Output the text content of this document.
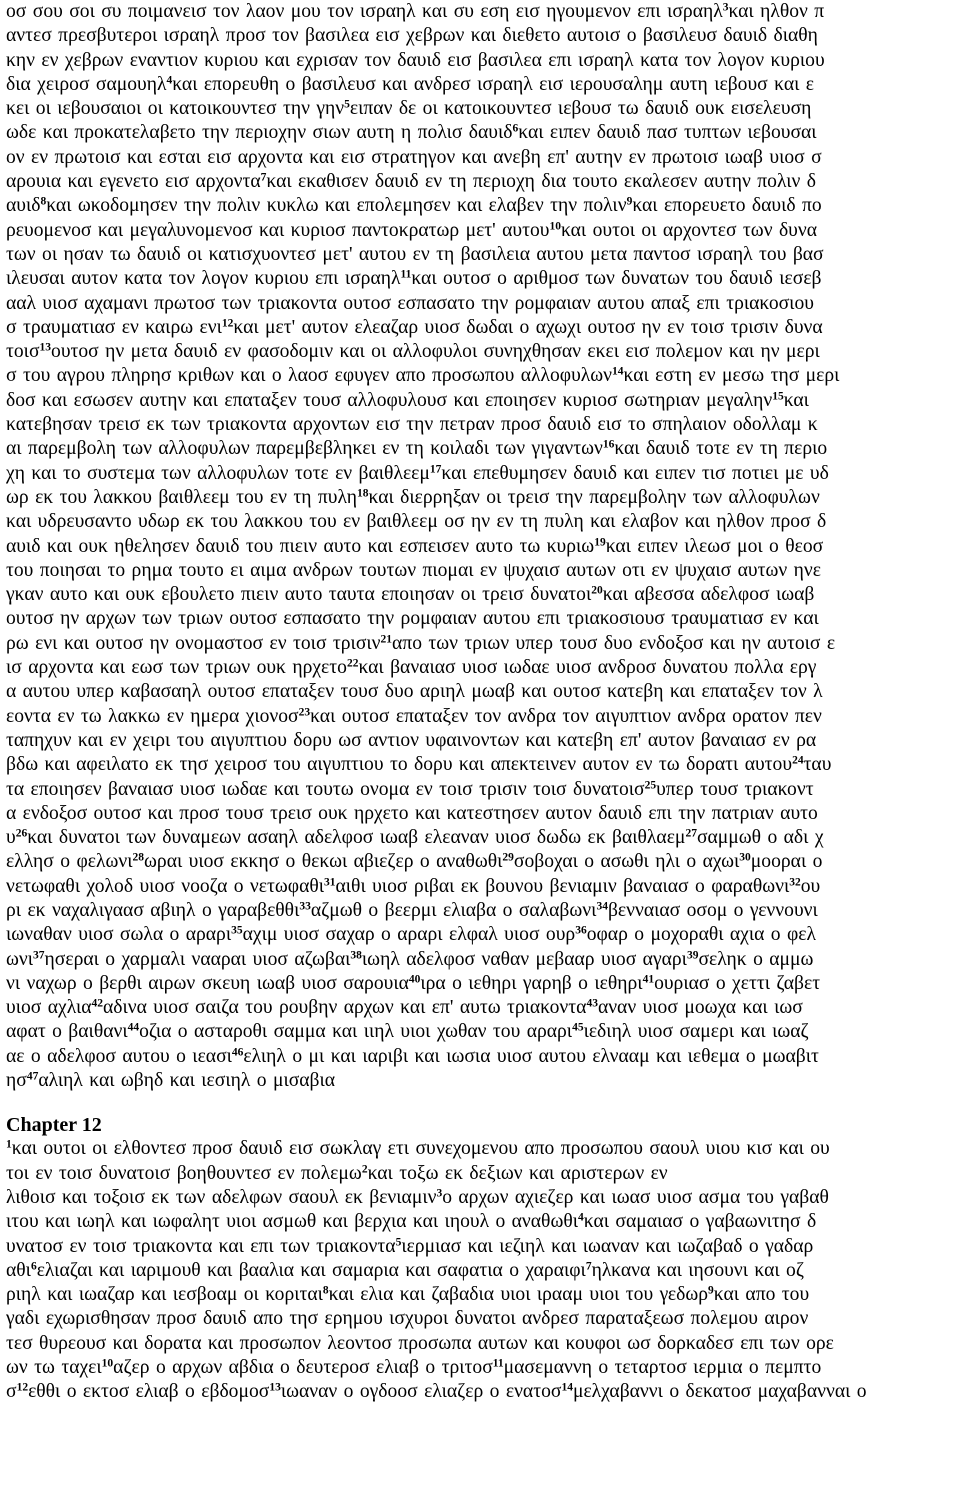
οσ σου σοι συ ποιμανεισ τον λαον μου τον ισραηλ και συ εση εισ ηγουμενον επι ισραηλ$^3$και ηλθον π
αντεσ πρεσβυτεροι ισραηλ προσ τον βασιλεα εισ χεβρων και διεθετο αυτοισ ο βασιλευσ δαυιδ διαθη
κην εν χεβρων εναντιον κυριου και εχρισαν τον δαυιδ εισ βασιλεα επι ισραηλ κατα τον λογον κυριου
δια χειροσ σαμουηλ$^4$και επορευθη ο βασιλευσ και ανδρεσ ισραηλ εισ ιερουσαλημ αυτη ιεβουσ και ε
κει οι ιεβουσαιοι οι κατοικουντεσ την γην$^5$ειπαν δε οι κατοικουντεσ ιεβουσ τω δαυιδ ουκ εισελευση
ωδε και προκατελαβετο την περιοχην σιων αυτη η πολισ δαυιδ$^6$και ειπεν δαυιδ πασ τυπτων ιεβουσαι
ον εν πρωτοισ και εσται εισ αρχοντα και εισ στρατηγον και ανεβη επ' αυτην εν πρωτοισ ιωαβ υιοσ σ
αρουια και εγενετο εισ αρχοντα$^7$και εκαθισεν δαυιδ εν τη περιοχη δια τουτο εκαλεσεν αυτην πολιν δ
αυιδ$^8$και ωκοδομησεν την πολιν κυκλω και επολεμησεν και ελαβεν την πολιν$^9$και επορευετο δαυιδ πο
ρευομενοσ και μεγαλυνομενοσ και κυριοσ παντοκρατωρ μετ' αυτου$^{10}$και ουτοι οι αρχοντεσ των δυνα
των οι ησαν τω δαυιδ οι κατισχυοντεσ μετ' αυτου εν τη βασιλεια αυτου μετα παντοσ ισραηλ του βασ
ιλευσαι αυτον κατα τον λογον κυριου επι ισραηλ$^{11}$και ουτοσ ο αριθμοσ των δυνατων του δαυιδ ιεσεβ
ααλ υιοσ αχαμανι πρωτοσ των τριακοντα ουτοσ εσπασατο την ρομφαιαν αυτου απαξ επι τριακοσιου
σ τραυματιασ εν καιρω ενι$^{12}$και μετ' αυτον ελεαζαρ υιοσ δωδαι ο αχωχι ουτοσ ην εν τοισ τρισιν δυνα
τοισ$^{13}$ουτοσ ην μετα δαυιδ εν φασοδομιν και οι αλλοφυλοι συνηχθησαν εκει εισ πολεμον και ην μερι
σ του αγρου πληρησ κριθων και ο λαοσ εφυγεν απο προσωπου αλλοφυλων$^{14}$και εστη εν μεσω τησ μερι
δοσ και εσωσεν αυτην και επαταξεν τουσ αλλοφυλουσ και εποιησεν κυριοσ σωτηριαν μεγαλην$^{15}$και
κατεβησαν τρεισ εκ των τριακοντα αρχοντων εισ την πετραν προσ δαυιδ εισ το σπηλαιον οδολλαμ κ
αι παρεμβολη των αλλοφυλων παρεμβεβληκει εν τη κοιλαδι των γιγαντων$^{16}$και δαυιδ τοτε εν τη περιο
χη και το συστεμα των αλλοφυλων τοτε εν βαιθλεεμ$^{17}$και επεθυμησεν δαυιδ και ειπεν τισ ποτιει με υδ
ωρ εκ του λακκου βαιθλεεμ του εν τη πυλη$^{18}$και διερρηξαν οι τρεισ την παρεμβολην των αλλοφυλων
και υδρευσαντο υδωρ εκ του λακκου του εν βαιθλεεμ οσ ην εν τη πυλη και ελαβον και ηλθον προσ δ
αυιδ και ουκ ηθελησεν δαυιδ του πιειν αυτο και εσπεισεν αυτο τω κυριω$^{19}$και ειπεν ιλεωσ μοι ο θεοσ
του ποιησαι το ρημα τουτο ει αιμα ανδρων τουτων πιομαι εν ψυχαισ αυτων οτι εν ψυχαισ αυτων ηνε
γκαν αυτο και ουκ εβουλετο πιειν αυτο ταυτα εποιησαν οι τρεισ δυνατοι$^{20}$και αβεσσα αδελφοσ ιωαβ
ουτοσ ην αρχων των τριων ουτοσ εσπασατο την ρομφαιαν αυτου επι τριακοσιουσ τραυματιασ εν και
ρω ενι και ουτοσ ην ονομαστοσ εν τοισ τρισιν$^{21}$απο των τριων υπερ τουσ δυο ενδοξοσ και ην αυτοισ ε
ισ αρχοντα και εωσ των τριων ουκ ηρχετο$^{22}$και βαναιασ υιοσ ιωδαε υιοσ ανδροσ δυνατου πολλα εργ
α αυτου υπερ καβασαηλ ουτοσ επαταξεν τουσ δυο αριηλ μωαβ και ουτοσ κατεβη και επαταξεν τον λ
εοντα εν τω λακκω εν ημερα χιονοσ$^{23}$και ουτοσ επαταξεν τον ανδρα τον αιγυπτιον ανδρα ορατον πεν
ταπηχυν και εν χειρι του αιγυπτιου δορυ ωσ αντιον υφαινοντων και κατεβη επ' αυτον βαναιασ εν ρα
βδω και αφειλατο εκ τησ χειροσ του αιγυπτιου το δορυ και απεκτεινεν αυτον εν τω δορατι αυτου$^{24}$ταυ
τα εποιησεν βαναιασ υιοσ ιωδαε και τουτω ονομα εν τοισ τρισιν τοισ δυνατοισ$^{25}$υπερ τουσ τριακοντ
α ενδοξοσ ουτοσ και προσ τουσ τρεισ ουκ ηρχετο και κατεστησεν αυτον δαυιδ επι την πατριαν αυτο
$\upsilon^{26}\kappa\alpha\iota$ δυνατοι των δυναμεων ασαηλ αδελφοσ ιωαβ ελεαναν υιοσ δωδω εκ βαιθλαεμ$^{27}$σαμμωθ ο αδι χ
ελλησ ο φελωνι$^{28}$ωραι υιοσ εκκησ ο θεκωι αβιεζερ ο αναθωθι$^{29}$σοβοχαι ο ασωθι ηλι ο αχωι$^{30}$μοοραι ο
νετωφαθι χολοδ υιοσ νοοζα ο νετωφαθι$^{31}$αιθι υιοσ ριβαι εκ βουνου βενιαμιν βαναιασ ο φαραθωνι$^{32}$ου
ρι εκ ναχαλιγαασ αβιηλ ο γαραβεθθι$^{33}$αζμωθ ο βεερμι ελιαβα ο σαλαβωνι$^{34}$βενναιασ οσομ ο γεννουνι
ιωναθαν υιοσ σωλα ο αραρι$^{35}$αχιμ υιοσ σαχαρ ο αραρι ελφαλ υιοσ ουρ$^{36}$οφαρ ο μοχοραθι αχια ο φελ
ωνι$^{37}$ησεραι ο χαρμαλι νααραι υιοσ αζωβαι$^{38}$ιωηλ αδελφοσ ναθαν μεβααρ υιοσ αγαρι$^{39}$σεληκ ο αμμω
νι ναχωρ ο βερθι αιρων σκευη ιωαβ υιοσ σαρουια$^{40}$ιρα ο ιεθηρι γαρηβ ο ιεθηρι$^{41}$ουριασ ο χεττι ζαβετ
υιοσ αχλια$^{42}$αδινα υιοσ σαιζα του ρουβην αρχων και επ' αυτω τριακοντα$^{43}$αναν υιοσ μοωχα και ιωσ
αφατ ο βαιθανι$^{44}$οζια ο ασταροθι σαμμα και ιιηλ υιοι χωθαν του αραρι$^{45}$ιεδιηλ υιοσ σαμερι και ιωαζ
αε ο αδελφοσ αυτου ο ιεασι$^{46}$ελιηλ ο μι και ιαριβι και ιωσια υιοσ αυτου ελνααμ και ιεθεμα ο μωαβιτ
$\eta\sigma^{47}\alpha\lambda\iota\eta\lambda$ και ωβηδ και ιεσιηλ ο μισαβια
Chapter 12
$^1$και ουτοι οι ελθοντεσ προσ δαυιδ εισ σωκλαγ ετι συνεχομενου απο προσωπου σαουλ υιου κισ και ου
τοι εν τοισ δυνατοισ βοηθουντεσ εν πολεμω$^2$και τοξω εκ δεξιων και αριστερων εν
λιθοισ και τοξοισ εκ των αδελφων σαουλ εκ βενιαμιν$^3$ο αρχων αχιεζερ και ιωασ υιοσ ασμα του γαβαθ
ιτου και ιωηλ και ιωφαλητ υιοι ασμωθ και βερχια και ιηουλ ο αναθωθι$^4$και σαμαιασ ο γαβαωνιτησ δ
υνατοσ εν τοισ τριακοντα και επι των τριακοντα$^5$ιερμιασ και ιεζιηλ και ιωαναν και ιωζαβαδ ο γαδαρ
αθι$^6$ελιαζαι και ιαριμουθ και βααλια και σαμαρια και σαφατια ο χαραιφι$^7$ηλκανα και ιησουνι και οζ
ριηλ και ιωαζαρ και ιεσβοαμ οι κοριται$^8$και ελια και ζαβαδια υιοι ιρααμ υιοι του γεδωρ$^9$και απο του
γαδι εχωρισθησαν προσ δαυιδ απο τησ ερημου ισχυροι δυνατοι ανδρεσ παραταξεωσ πολεμου αιρον
τεσ θυρεουσ και δορατα και προσωπον λεοντοσ προσωπα αυτων και κουφοι ωσ δορκαδεσ επι των ορε
ων τω ταχει$^{10}$αζερ ο αρχων αβδια ο δευτεροσ ελιαβ ο τριτοσ$^{11}$μασεμαννη ο τεταρτοσ ιερμια ο πεμπτο
$\sigma^{12}\varepsilon\theta\theta\iota$ ο εκτοσ ελιαβ ο εβδομοσ$^{13}$ιωαναν ο ογδοοσ ελιαζερ ο ενατοσ$^{14}$μελχαβαννι ο δεκατοσ μαχαβανναι ο
